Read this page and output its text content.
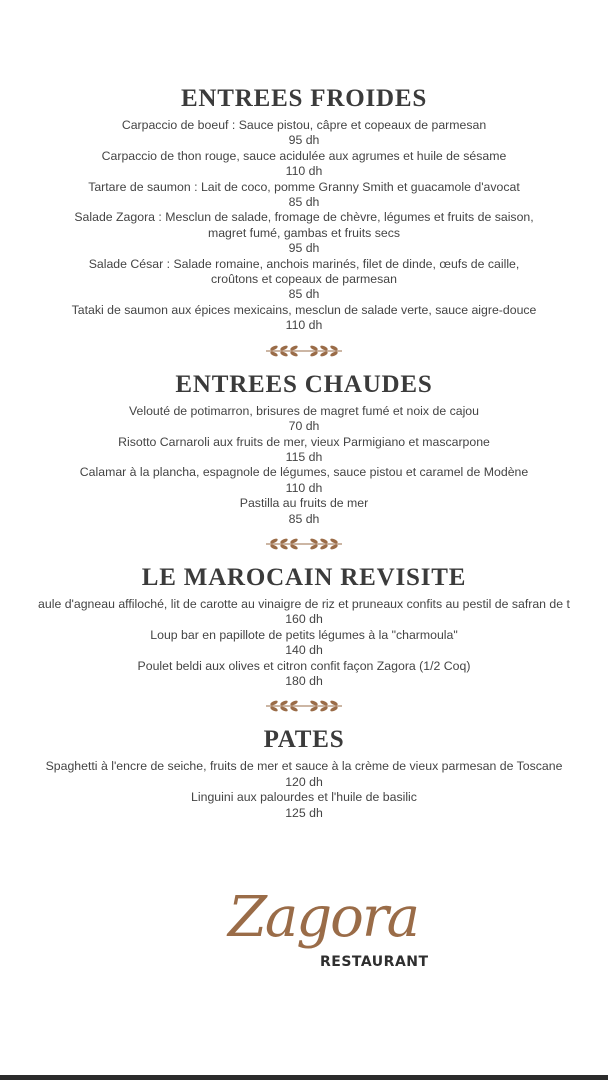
ENTREES FROIDES
Carpaccio de boeuf : Sauce pistou, câpre et copeaux de parmesan
95 dh
Carpaccio de thon rouge, sauce acidulée aux agrumes et huile de sésame
110 dh
Tartare de saumon : Lait de coco, pomme Granny Smith et guacamole d'avocat
85 dh
Salade Zagora : Mesclun de salade, fromage de chèvre, légumes et fruits de saison,
magret fumé, gambas et fruits secs
95 dh
Salade César : Salade romaine, anchois marinés, filet de dinde, œufs de caille,
croûtons et copeaux de parmesan
85 dh
Tataki de saumon aux épices mexicains, mesclun de salade verte, sauce aigre-douce
110 dh
ENTREES CHAUDES
Velouté de potimarron, brisures de magret fumé et noix de cajou
70 dh
Risotto Carnaroli aux fruits de mer, vieux Parmigiano et mascarpone
115 dh
Calamar à la plancha, espagnole de légumes, sauce pistou et caramel de Modène
110 dh
Pastilla au fruits de mer
85 dh
LE MAROCAIN REVISITE
aule d'agneau affiloché, lit de carotte au vinaigre de riz et pruneaux confits au pestil de safran de t
160 dh
Loup bar en papillote de petits légumes à la "charmoula"
140 dh
Poulet beldi aux olives et citron confit façon Zagora (1/2 Coq)
180 dh
PATES
Spaghetti à l'encre de seiche, fruits de mer et sauce à la crème de vieux parmesan de Toscane
120 dh
Linguini aux palourdes et l'huile de basilic
125 dh
Zagora
RESTAURANT
